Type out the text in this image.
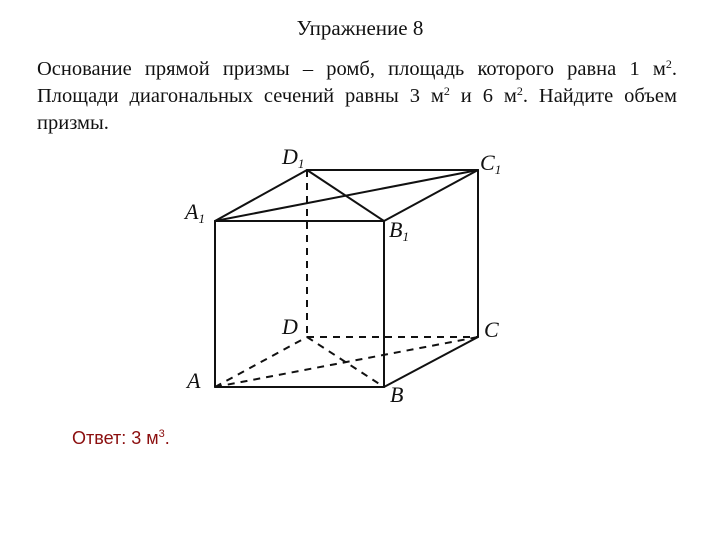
Упражнение 8
Основание прямой призмы – ромб, площадь которого равна 1 $м^2$. Площади диагональных сечений равны 3 $м^2$ и 6 $м^2$. Найдите объем призмы.
D1	C1
A1	B1
D	C
A
B
Ответ: 3 $м^3$.
